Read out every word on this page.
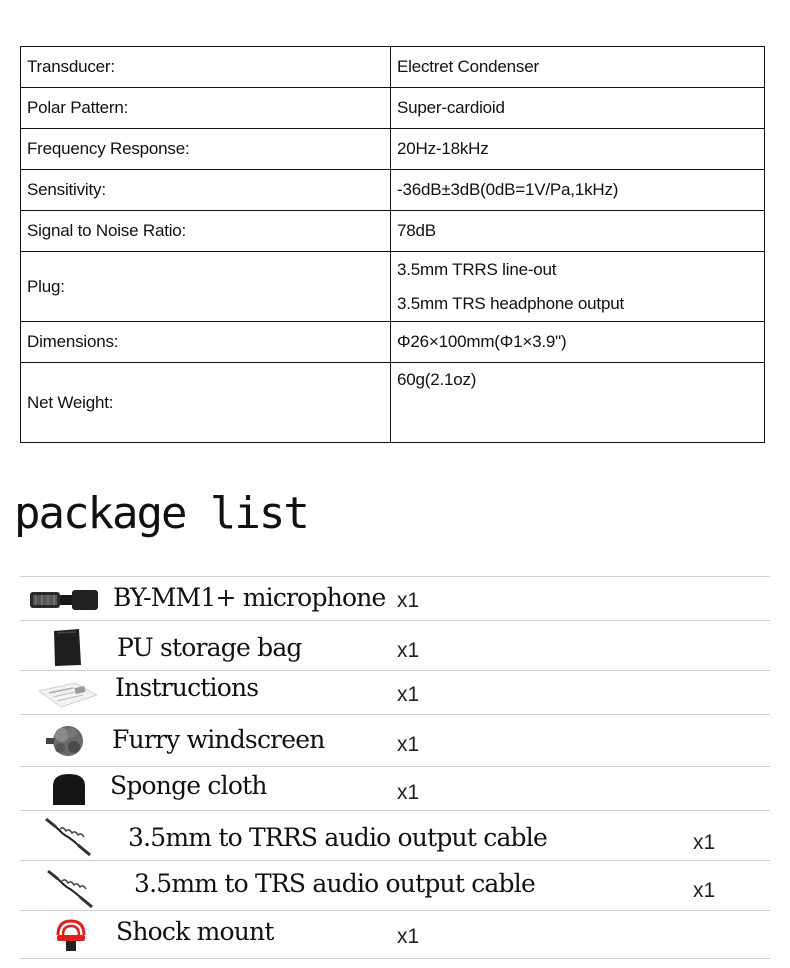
Transducer:	Electret Condenser
Polar Pattern:	Super-cardioid
Frequency Response:	20Hz-18kHz
Sensitivity:	-36dB±3dB(0dB=1V/Pa,1kHz)
Signal to Noise Ratio:	78dB
Plug:	3.5mm TRRS line-out
3.5mm TRS headphone output

Dimensions:	Φ26×100mm(Φ1×3.9")
Net Weight:	60g(2.1oz)
package list
BY-MM1+ microphone x1
PU storage bag	x1
Instructions	x1
Furry windscreen	x1
Sponge cloth	x1
3.5mm to TRRS audio output cable	x1
3.5mm to TRS audio output cable	x1
Shock mount	x1
